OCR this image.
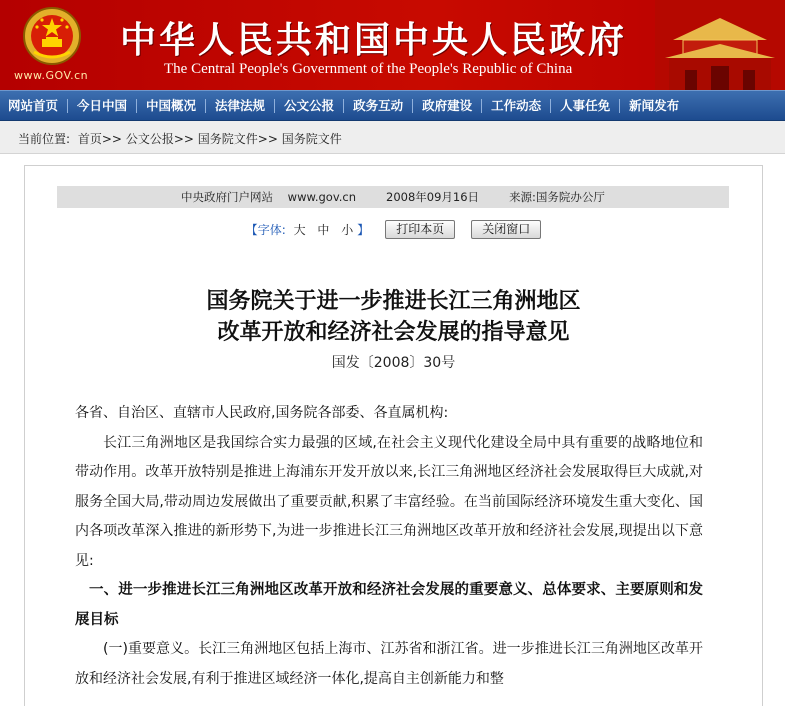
www.GOV.cn
中华人民共和国中央人民政府
The Central People's Government of the People's Republic of China
网站首页	今日中国	中国概况	法律法规	公文公报	政务互动	政府建设	工作动态	人事任免	新闻发布
当前位置: 首页>> 公文公报>> 国务院文件>> 国务院文件
中央政府门户网站 www.gov.cn	2008年09月16日	来源:国务院办公厅
【字体: 大 中 小 】	打印本页	关闭窗口
国务院关于进一步推进长江三角洲地区
改革开放和经济社会发展的指导意见
国发〔2008〕30号

各省、自治区、直辖市人民政府,国务院各部委、各直属机构:

长江三角洲地区是我国综合实力最强的区域,在社会主义现代化建设全局中具有重要的战略地位和带动作用。改革开放特别是推进上海浦东开发开放以来,长江三角洲地区经济社会发展取得巨大成就,对服务全国大局,带动周边发展做出了重要贡献,积累了丰富经验。在当前国际经济环境发生重大变化、国内各项改革深入推进的新形势下,为进一步推进长江三角洲地区改革开放和经济社会发展,现提出以下意见:

一、进一步推进长江三角洲地区改革开放和经济社会发展的重要意义、总体要求、主要原则和发展目标

(一)重要意义。长江三角洲地区包括上海市、江苏省和浙江省。进一步推进长江三角洲地区改革开放和经济社会发展,有利于推进区域经济一体化,提高自主创新能力和整
